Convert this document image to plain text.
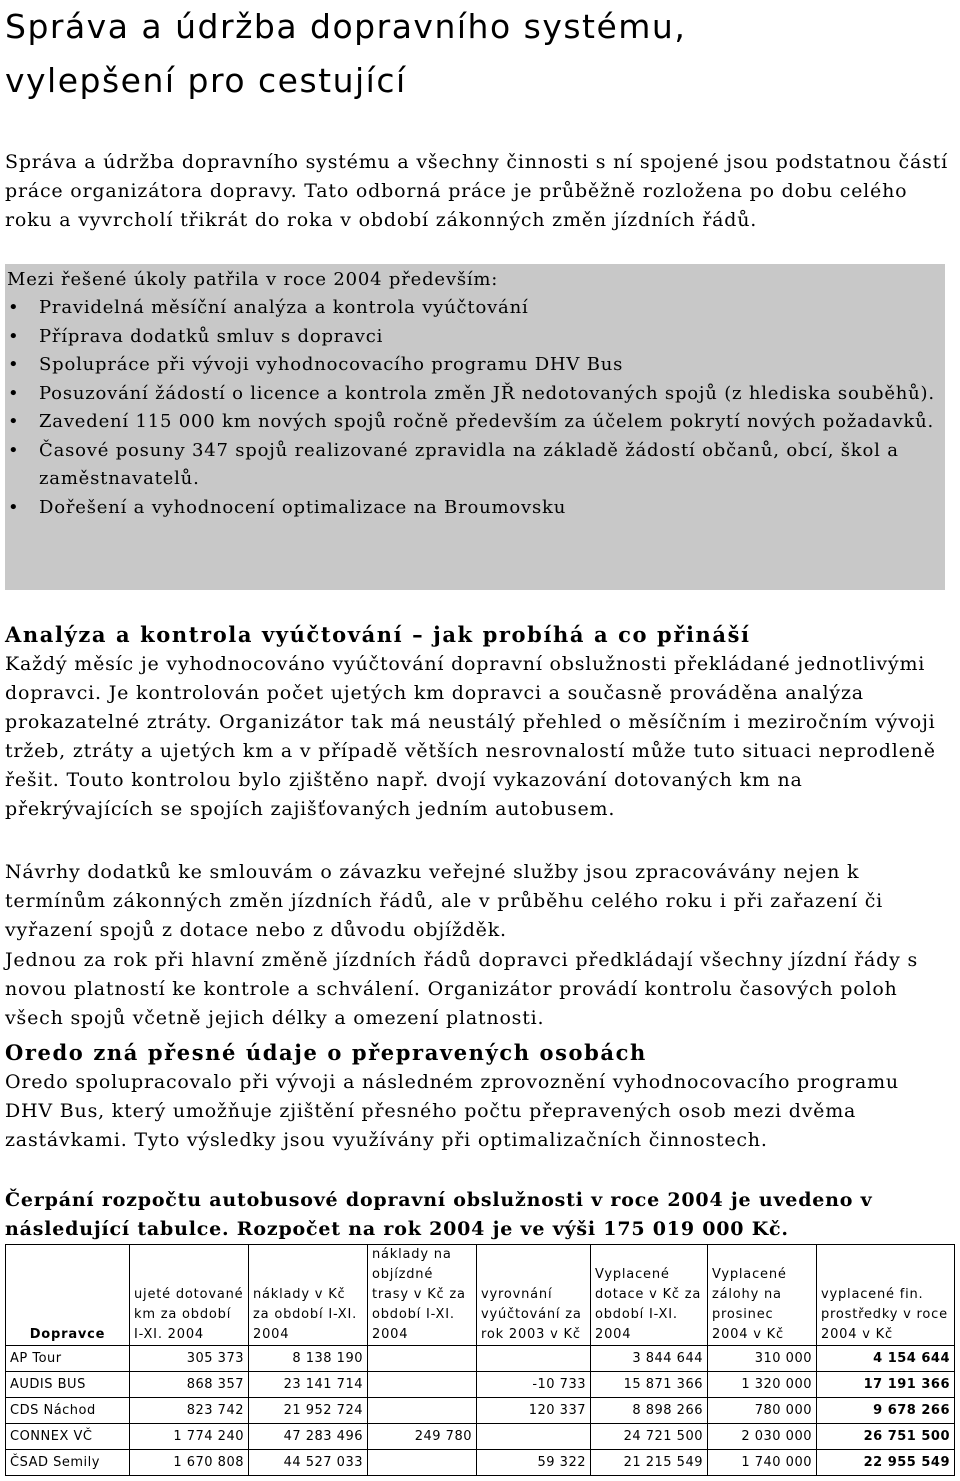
Správa a údržba dopravního systému,
vylepšení pro cestující

Správa a údržba dopravního systému a všechny činnosti s ní spojené jsou podstatnou částí práce organizátora dopravy. Tato odborná práce je průběžně rozložena po dobu celého roku a vyvrcholí třikrát do roka v období zákonných změn jízdních řádů.

Mezi řešené úkoly patřila v roce 2004 především:
• Pravidelná měsíční analýza a kontrola vyúčtování
• Příprava dodatků smluv s dopravci
• Spolupráce při vývoji vyhodnocovacího programu DHV Bus
• Posuzování žádostí o licence a kontrola změn JŘ nedotovaných spojů (z hlediska souběhů).
• Zavedení 115 000 km nových spojů ročně především za účelem pokrytí nových požadavků.
• Časové posuny 347 spojů realizované zpravidla na základě žádostí občanů, obcí, škol a zaměstnavatelů.
• Dořešení a vyhodnocení optimalizace na Broumovsku
Analýza a kontrola vyúčtování – jak probíhá a co přináší

Každý měsíc je vyhodnocováno vyúčtování dopravní obslužnosti překládané jednotlivými dopravci. Je kontrolován počet ujetých km dopravci a současně prováděna analýza prokazatelné ztráty. Organizátor tak má neustálý přehled o měsíčním i meziročním vývoji tržeb, ztráty a ujetých km a v případě větších nesrovnalostí může tuto situaci neprodleně řešit. Touto kontrolou bylo zjištěno např. dvojí vykazování dotovaných km na překrývajících se spojích zajišťovaných jedním autobusem.

Návrhy dodatků ke smlouvám o závazku veřejné služby jsou zpracovávány nejen k termínům zákonných změn jízdních řádů, ale v průběhu celého roku i při zařazení či vyřazení spojů z dotace nebo z důvodu objížděk.

Jednou za rok při hlavní změně jízdních řádů dopravci předkládají všechny jízdní řády s novou platností ke kontrole a schválení. Organizátor provádí kontrolu časových poloh všech spojů včetně jejich délky a omezení platnosti.

Oredo zná přesné údaje o přepravených osobách

Oredo spolupracovalo při vývoji a následném zprovoznění vyhodnocovacího programu DHV Bus, který umožňuje zjištění přesného počtu přepravených osob mezi dvěma zastávkami. Tyto výsledky jsou využívány při optimalizačních činnostech.

Čerpání rozpočtu autobusové dopravní obslužnosti v roce 2004 je uvedeno v následující tabulce. Rozpočet na rok 2004 je ve výši 175 019 000 Kč.

Dopravce	ujeté dotované km za období I-XI. 2004	náklady v Kč za období I-XI. 2004	náklady na objízdné trasy v Kč za období I-XI. 2004	vyrovnání vyúčtování za rok 2003 v Kč	Vyplacené dotace v Kč za období I-XI. 2004	Vyplacené zálohy na prosinec 2004 v Kč	vyplacené fin. prostředky v roce 2004 v Kč
AP Tour	305 373	8 138 190			3 844 644	310 000	4 154 644
AUDIS BUS	868 357	23 141 714		-10 733	15 871 366	1 320 000	17 191 366
CDS Náchod	823 742	21 952 724		120 337	8 898 266	780 000	9 678 266
CONNEX VČ	1 774 240	47 283 496	249 780		24 721 500	2 030 000	26 751 500
ČSAD Semily	1 670 808	44 527 033		59 322	21 215 549	1 740 000	22 955 549
